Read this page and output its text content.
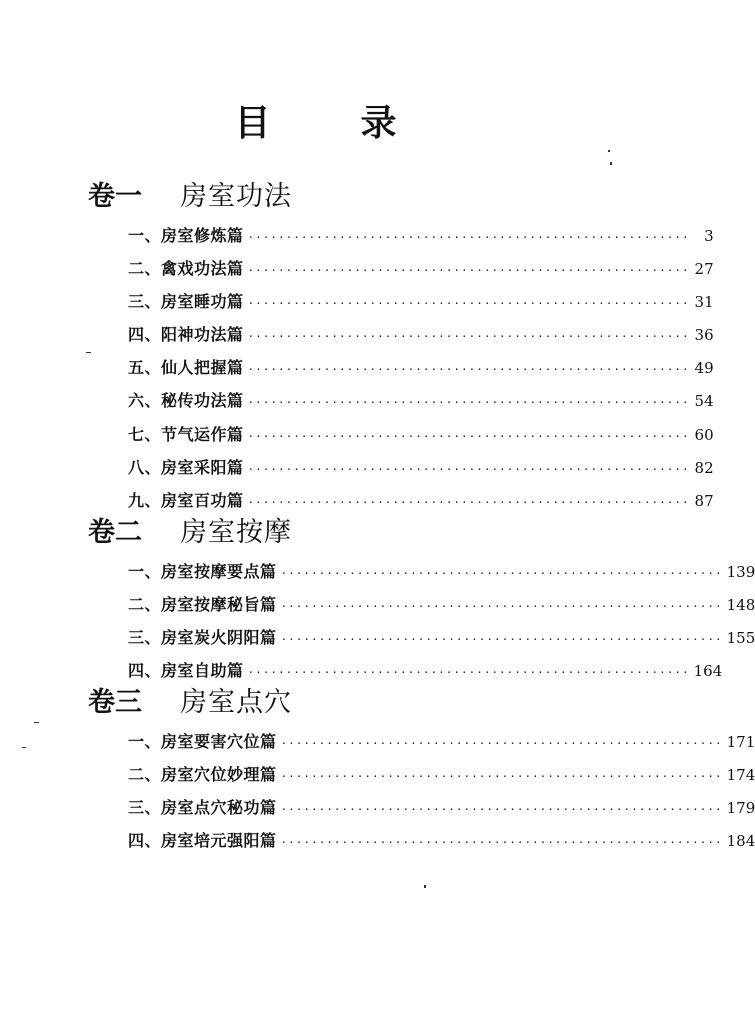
目 录
卷一 房室功法
一、房室修炼篇 ·························································· 3
二、禽戏功法篇 ·························································· 27
三、房室睡功篇 ·························································· 31
四、阳神功法篇 ·························································· 36
五、仙人把握篇 ·························································· 49
六、秘传功法篇 ·························································· 54
七、节气运作篇 ·························································· 60
八、房室采阳篇 ·························································· 82
九、房室百功篇 ·························································· 87
卷二 房室按摩
一、房室按摩要点篇 ·························································· 139
二、房室按摩秘旨篇 ·························································· 148
三、房室炭火阴阳篇 ·························································· 155
四、房室自助篇 ·························································· 164
卷三 房室点穴
一、房室要害穴位篇 ·························································· 171
二、房室穴位妙理篇 ·························································· 174
三、房室点穴秘功篇 ·························································· 179
四、房室培元强阳篇 ·························································· 184
